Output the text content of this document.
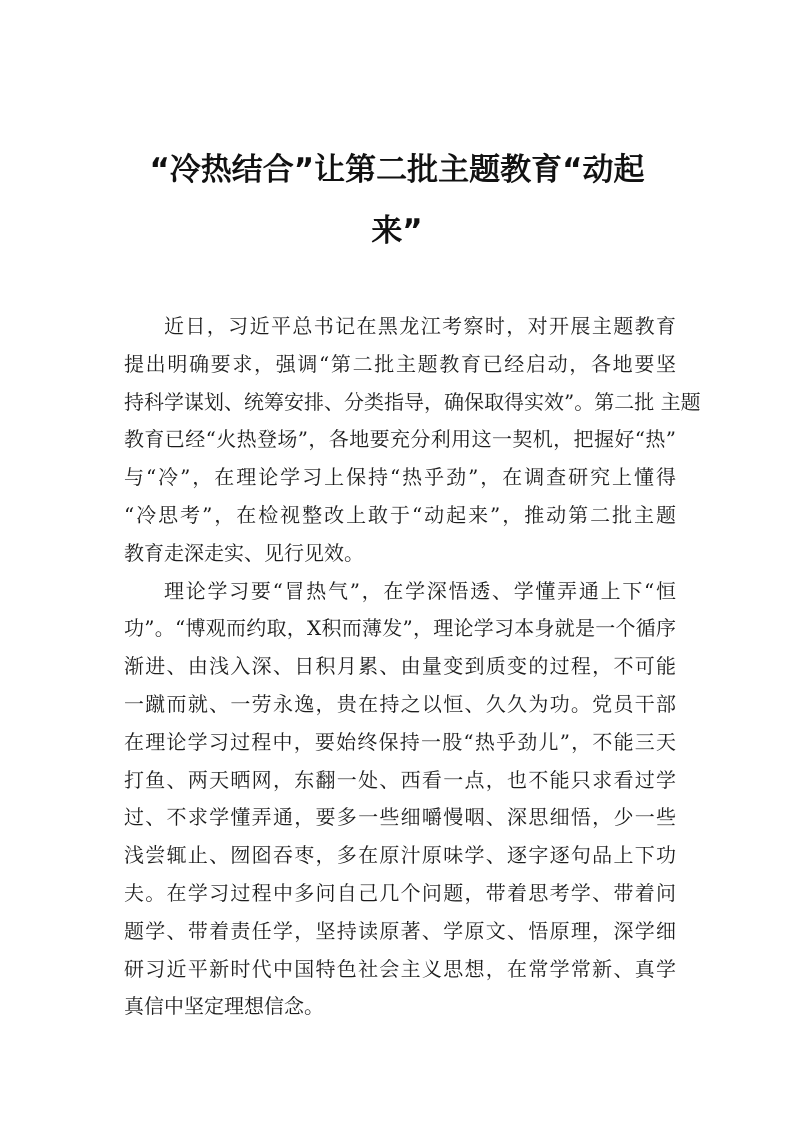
“冷热结合”让第二批主题教育“动起来”

近日，习近平总书记在黑龙江考察时，对开展主题教育
提出明确要求，强调“第二批主题教育已经启动，各地要坚
持科学谋划、统筹安排、分类指导，确保取得实效”。第二批 主题
教育已经“火热登场”，各地要充分利用这一契机，把握好“热”
与“冷”，在理论学习上保持“热乎劲”，在调查研究上懂得
“冷思考”，在检视整改上敢于“动起来”，推动第二批主题
教育走深走实、见行见效。

理论学习要“冒热气”，在学深悟透、学懂弄通上下“恒
功”。“博观而约取，X积而薄发”，理论学习本身就是一个循序
渐进、由浅入深、日积月累、由量变到质变的过程，不可能
一蹴而就、一劳永逸，贵在持之以恒、久久为功。党员干部
在理论学习过程中，要始终保持一股“热乎劲儿”，不能三天
打鱼、两天晒网，东翻一处、西看一点，也不能只求看过学
过、不求学懂弄通，要多一些细嚼慢咽、深思细悟，少一些
浅尝辄止、囫囵吞枣，多在原汁原味学、逐字逐句品上下功
夫。在学习过程中多问自己几个问题，带着思考学、带着问
题学、带着责任学，坚持读原著、学原文、悟原理，深学细
研习近平新时代中国特色社会主义思想，在常学常新、真学
真信中坚定理想信念。
